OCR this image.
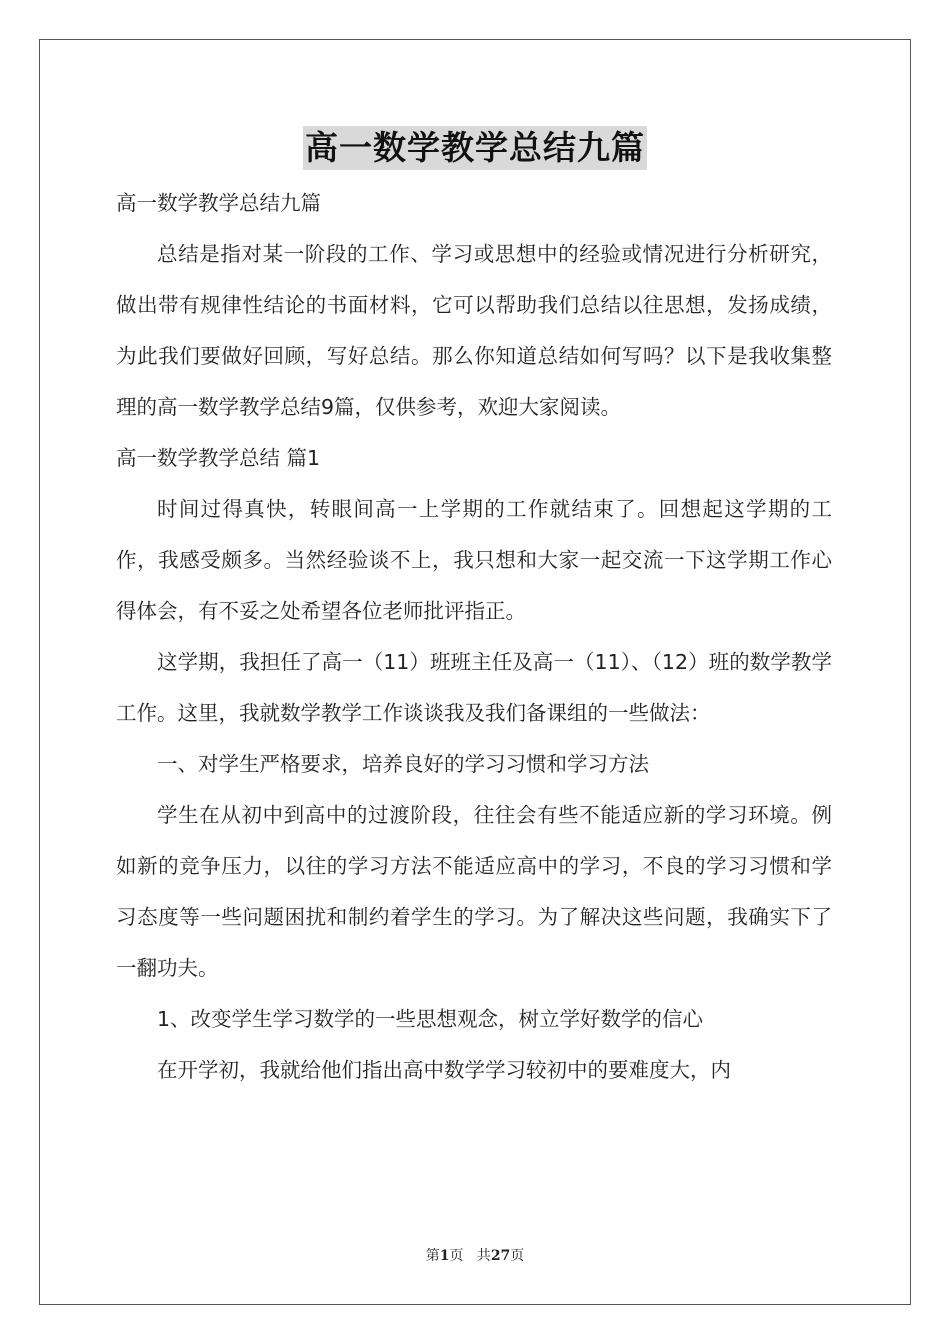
高一数学教学总结九篇

高一数学教学总结九篇

总结是指对某一阶段的工作、学习或思想中的经验或情况进行分析研究，做出带有规律性结论的书面材料，它可以帮助我们总结以往思想，发扬成绩，为此我们要做好回顾，写好总结。那么你知道总结如何写吗？以下是我收集整理的高一数学教学总结9篇，仅供参考，欢迎大家阅读。

高一数学教学总结 篇1

时间过得真快，转眼间高一上学期的工作就结束了。回想起这学期的工作，我感受颇多。当然经验谈不上，我只想和大家一起交流一下这学期工作心得体会，有不妥之处希望各位老师批评指正。

这学期，我担任了高一（11）班班主任及高一（11）、（12）班的数学教学工作。这里，我就数学教学工作谈谈我及我们备课组的一些做法：

一、对学生严格要求，培养良好的学习习惯和学习方法

学生在从初中到高中的过渡阶段，往往会有些不能适应新的学习环境。例如新的竞争压力，以往的学习方法不能适应高中的学习，不良的学习习惯和学习态度等一些问题困扰和制约着学生的学习。为了解决这些问题，我确实下了一翻功夫。

1、改变学生学习数学的一些思想观念，树立学好数学的信心

在开学初，我就给他们指出高中数学学习较初中的要难度大，内

第1页   共27页
